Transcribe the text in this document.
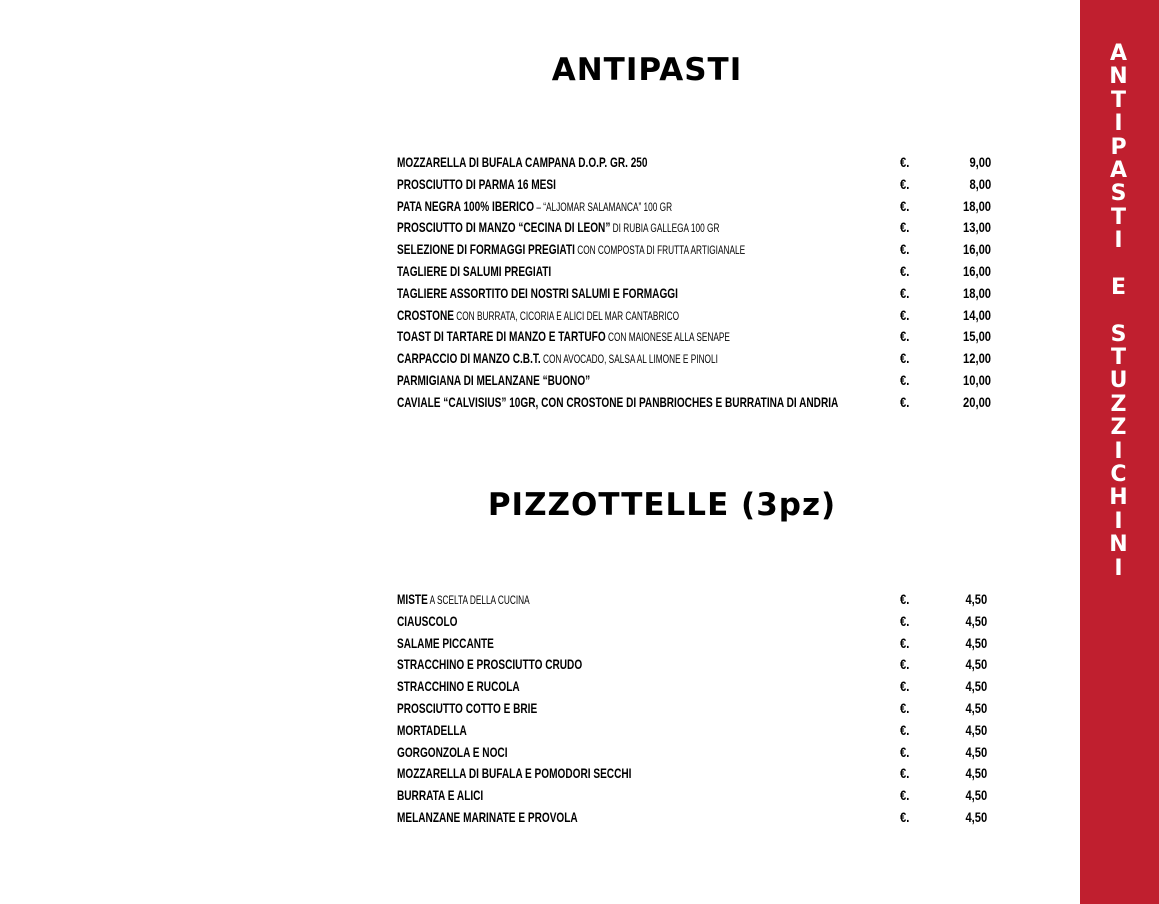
ANTIPASTI
MOZZARELLA DI BUFALA CAMPANA D.O.P. GR. 250	€.	9,00
PROSCIUTTO DI PARMA 16 MESI	€.	8,00
PATA NEGRA 100% IBERICO – “ALJOMAR SALAMANCA” 100 GR	€.	18,00
PROSCIUTTO DI MANZO “CECINA DI LEON” DI RUBIA GALLEGA 100 GR	€.	13,00
SELEZIONE DI FORMAGGI PREGIATI CON COMPOSTA DI FRUTTA ARTIGIANALE	€.	16,00
TAGLIERE DI SALUMI PREGIATI	€.	16,00
TAGLIERE ASSORTITO DEI NOSTRI SALUMI E FORMAGGI	€.	18,00
CROSTONE CON BURRATA, CICORIA E ALICI DEL MAR CANTABRICO	€.	14,00
TOAST DI TARTARE DI MANZO E TARTUFO CON MAIONESE ALLA SENAPE	€.	15,00
CARPACCIO DI MANZO C.B.T. CON AVOCADO, SALSA AL LIMONE E PINOLI	€.	12,00
PARMIGIANA DI MELANZANE “BUONO”	€.	10,00
CAVIALE “CALVISIUS” 10GR, CON CROSTONE DI PANBRIOCHES E BURRATINA DI ANDRIA	€.	20,00
PIZZOTTELLE (3pz)
MISTE A SCELTA DELLA CUCINA	€.	4,50
CIAUSCOLO	€.	4,50
SALAME PICCANTE	€.	4,50
STRACCHINO E PROSCIUTTO CRUDO	€.	4,50
STRACCHINO E RUCOLA	€.	4,50
PROSCIUTTO COTTO E BRIE	€.	4,50
MORTADELLA	€.	4,50
GORGONZOLA E NOCI	€.	4,50
MOZZARELLA DI BUFALA E POMODORI SECCHI	€.	4,50
BURRATA E ALICI	€.	4,50
MELANZANE MARINATE E PROVOLA	€.	4,50
A
N
T
I
P
A
S
T
I
E
S
T
U
Z
Z
I
C
H
I
N
I
